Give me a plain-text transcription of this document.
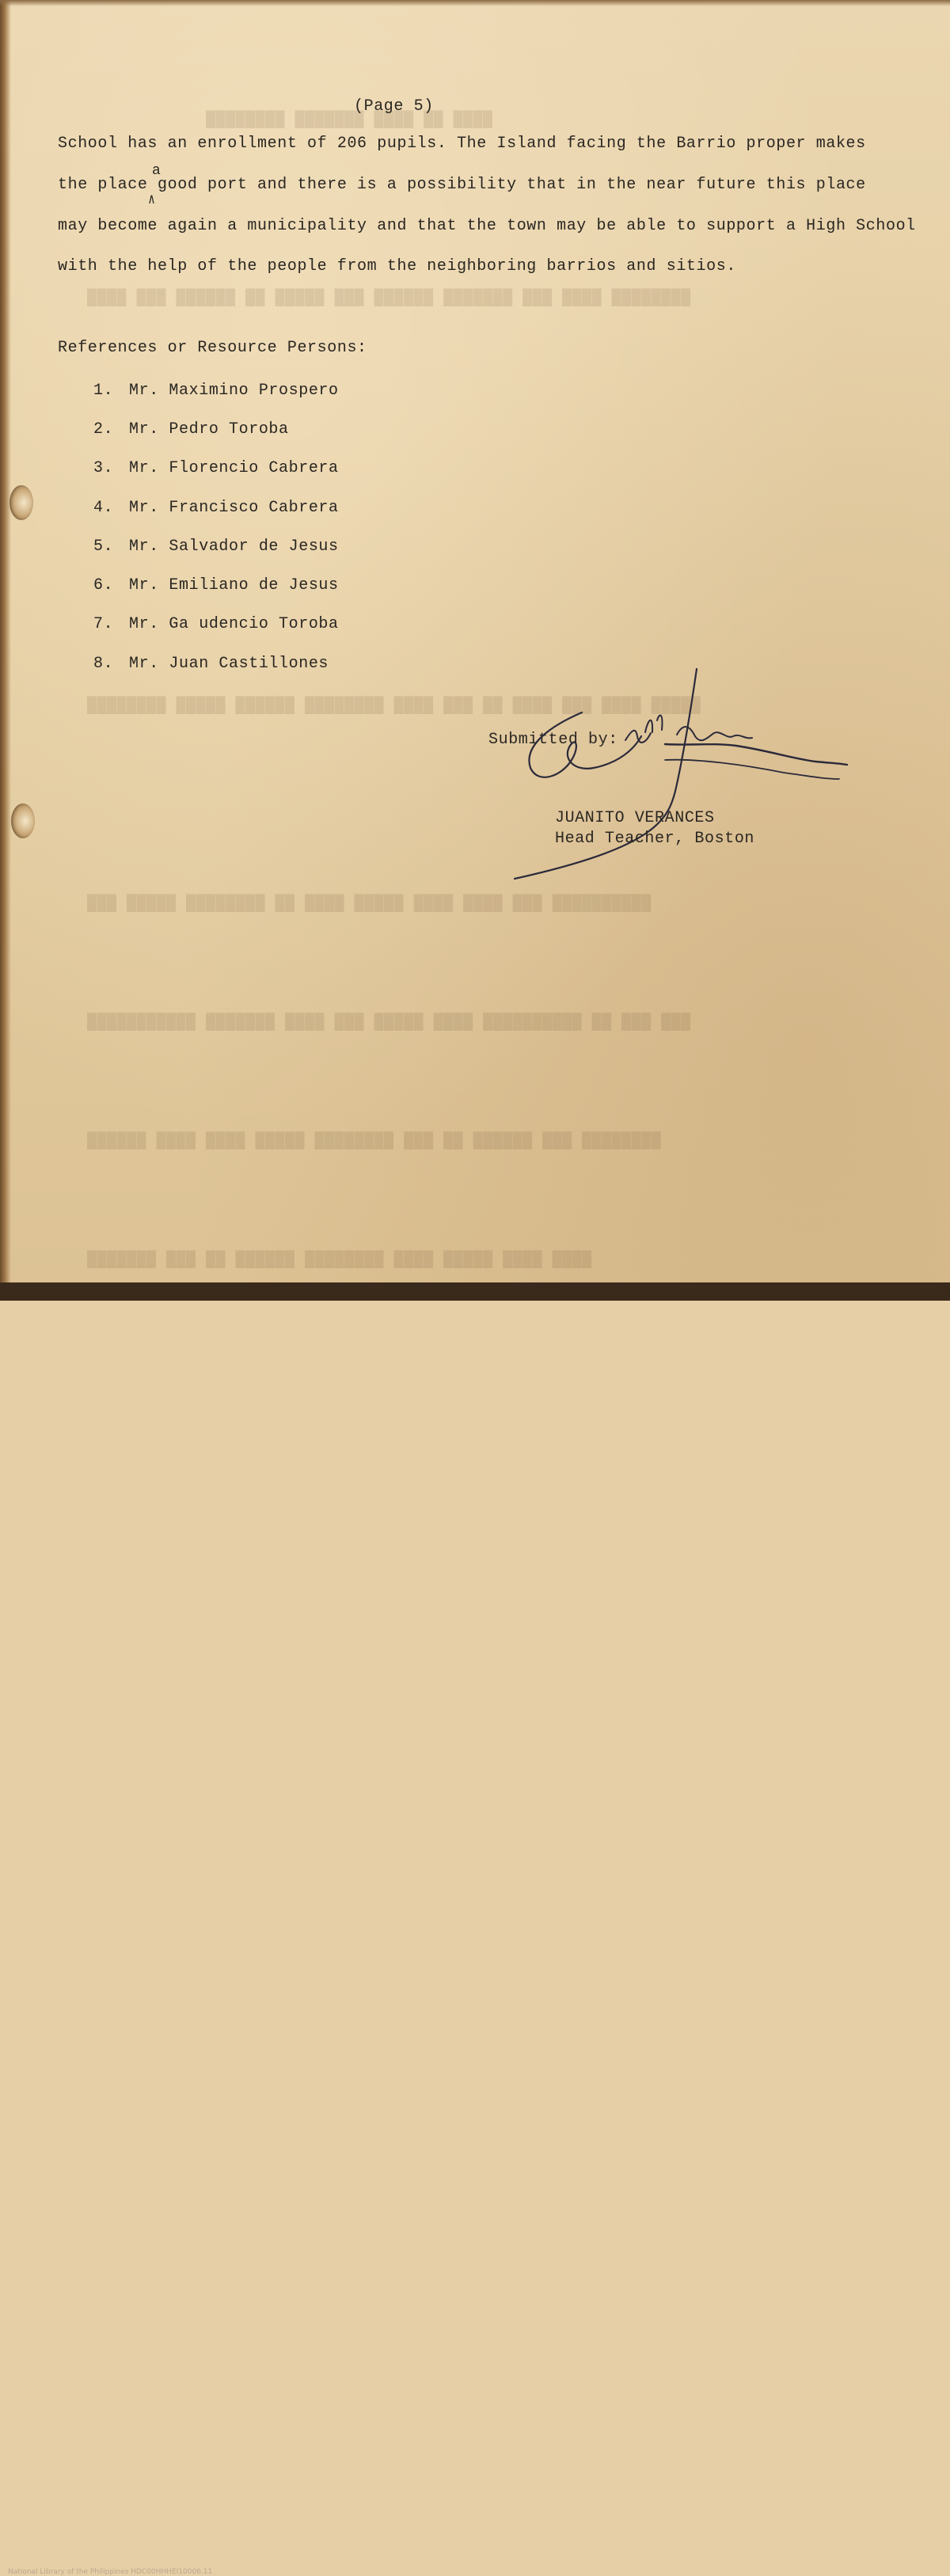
████████ ███████ ████ ██ ████
████ ███ ██████ ██ █████ ███ ██████ ███████ ███ ████ ████████
████████ █████ ██████ ████████ ████ ███ ██ ████ ███ ████ █████
███ █████ ████████ ██ ████ █████ ████ ████ ███ ██████████
███████████ ███████ ████ ███ █████ ████ ██████████ ██ ███ ███
██████ ████ ████ █████ ████████ ███ ██ ██████ ███ ████████
███████ ███ ██ ██████ ████████ ████ █████ ████ ████
(Page 5)
School has an enrollment of 206 pupils. The Island facing the Barrio proper makes
a
the place good port and there is a possibility that in the near future this place
∧
may become again a municipality and that the town may be able to support a High School
with the help of the people from the neighboring barrios and sitios.
References or Resource Persons:
1. Mr. Maximino Prospero
2. Mr. Pedro Toroba
3. Mr. Florencio Cabrera
4. Mr. Francisco Cabrera
5. Mr. Salvador de Jesus
6. Mr. Emiliano de Jesus
7. Mr. Ga udencio Toroba
8. Mr. Juan Castillones
Submitted by:
JUANITO VERANCES
Head Teacher, Boston
National Library of the Philippines HDC00HHHEI10006.11
